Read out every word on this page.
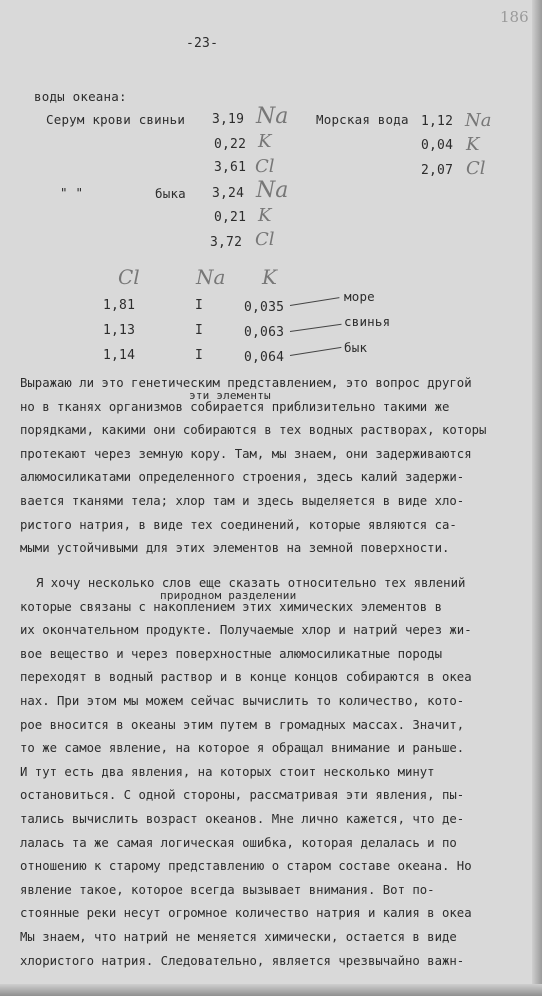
-23-
186
воды океана:
Серум крови свиньи 3,19 Na Морская вода 1,12 Na
0,22 K	0,04 K
3,61 Cl	2,07 Cl
" "	быка 3,24 Na
0,21 K
3,72 Cl
Cl	Na K
1,81	I	0,035
море
1,13	I	0,063
свинья
1,14	I	0,064
бык
эти элементы
природном разделении
Выражаю ли это генетическим представлением, это вопрос другой
но в тканях организмов собирается приблизительно такими же
порядками, какими они собираются в тех водных растворах, которы
протекают через земную кору. Там, мы знаем, они задерживаются
алюмосиликатами определенного строения, здесь калий задержи-
вается тканями тела; хлор там и здесь выделяется в виде хло-
ристого натрия, в виде тех соединений, которые являются са-
мыми устойчивыми для этих элементов на земной поверхности.
Я хочу несколько слов еще сказать относительно тех явлений
которые связаны с накоплением этих химических элементов в
их окончательном продукте. Получаемые хлор и натрий через жи-
вое вещество и через поверхностные алюмосиликатные породы
переходят в водный раствор и в конце концов собираются в океа
нах. При этом мы можем сейчас вычислить то количество, кото-
рое вносится в океаны этим путем в громадных массах. Значит,
то же самое явление, на которое я обращал внимание и раньше.
И тут есть два явления, на которых стоит несколько минут
остановиться. С одной стороны, рассматривая эти явления, пы-
тались вычислить возраст океанов. Мне лично кажется, что де-
лалась та же самая логическая ошибка, которая делалась и по
отношению к старому представлению о старом составе океана. Но
явление такое, которое всегда вызывает внимания. Вот по-
стоянные реки несут огромное количество натрия и калия в океа
Мы знаем, что натрий не меняется химически, остается в виде
хлористого натрия. Следовательно, является чрезвычайно важн-
